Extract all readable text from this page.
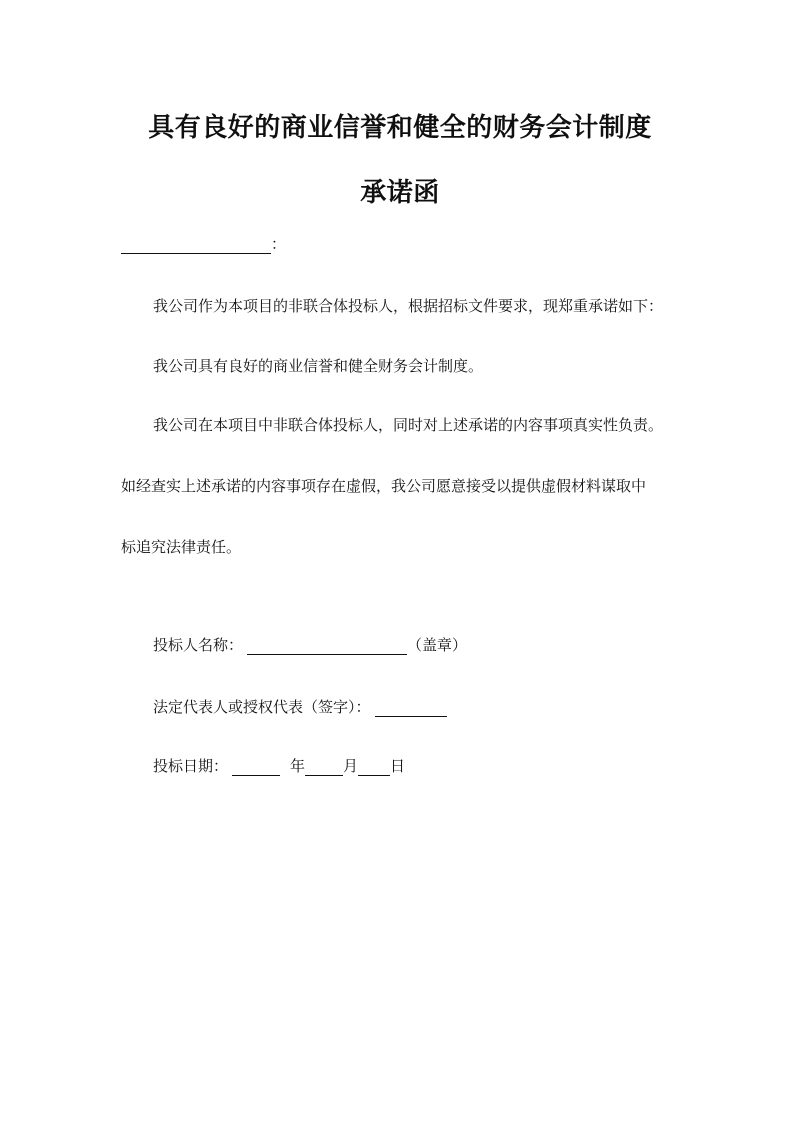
具有良好的商业信誉和健全的财务会计制度
承诺函
：
我公司作为本项目的非联合体投标人，根据招标文件要求，现郑重承诺如下：
我公司具有良好的商业信誉和健全财务会计制度。
我公司在本项目中非联合体投标人，同时对上述承诺的内容事项真实性负责。
如经查实上述承诺的内容事项存在虚假，我公司愿意接受以提供虚假材料谋取中
标追究法律责任。
投标人名称：	（盖章）
法定代表人或授权代表（签字）：
投标日期：	年	月 日
